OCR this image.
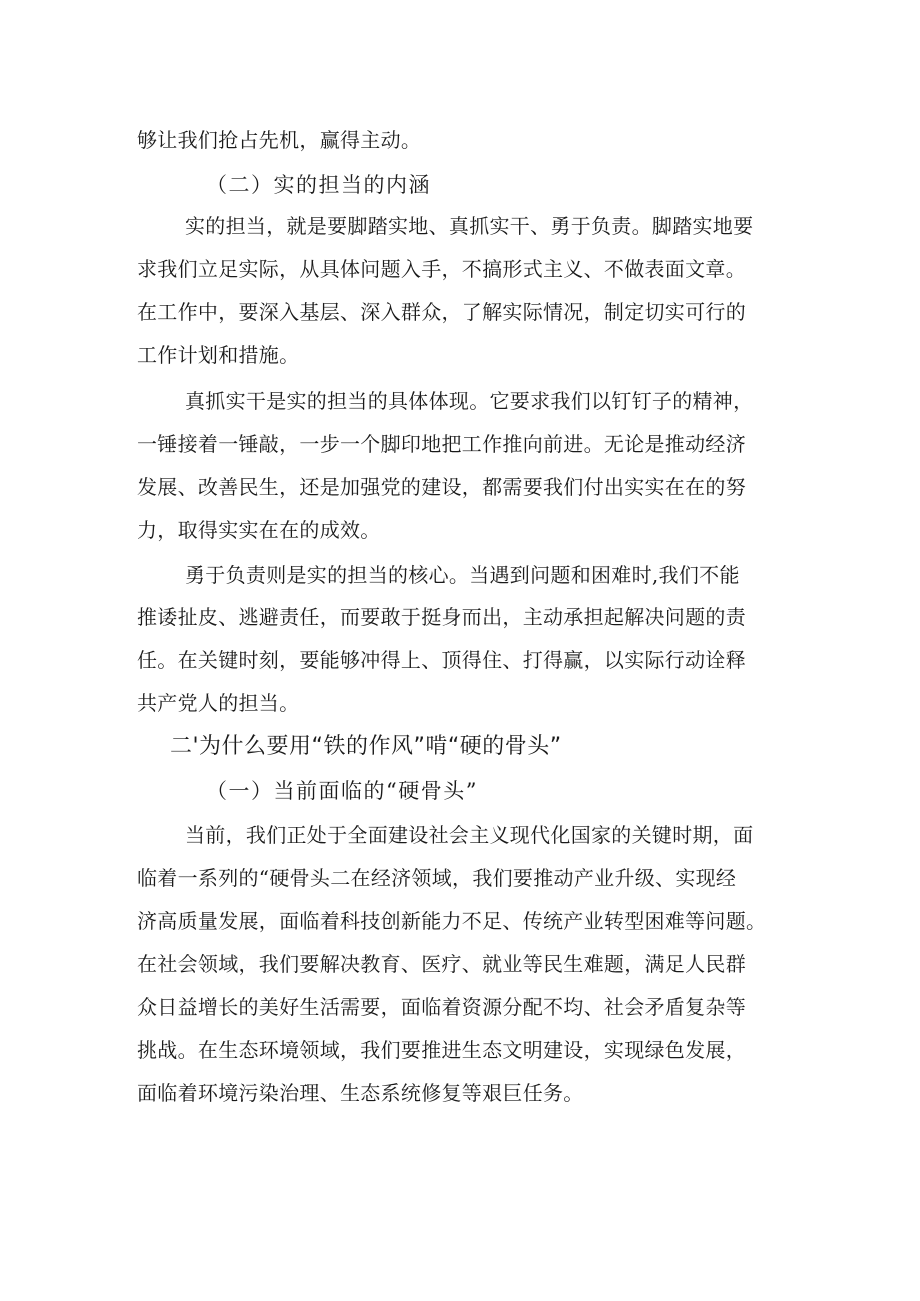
够让我们抢占先机，赢得主动。
（二）实的担当的内涵
实的担当，就是要脚踏实地、真抓实干、勇于负责。脚踏实地要
求我们立足实际，从具体问题入手，不搞形式主义、不做表面文章。
在工作中，要深入基层、深入群众，了解实际情况，制定切实可行的
工作计划和措施。
真抓实干是实的担当的具体体现。它要求我们以钉钉子的精神，
一锤接着一锤敲，一步一个脚印地把工作推向前进。无论是推动经济
发展、改善民生，还是加强党的建设，都需要我们付出实实在在的努
力，取得实实在在的成效。
勇于负责则是实的担当的核心。当遇到问题和困难时,我们不能
推诿扯皮、逃避责任，而要敢于挺身而出，主动承担起解决问题的责
任。在关键时刻，要能够冲得上、顶得住、打得赢，以实际行动诠释
共产党人的担当。
二'为什么要用“铁的作风”啃“硬的骨头”
（一）当前面临的“硬骨头”
当前，我们正处于全面建设社会主义现代化国家的关键时期，面
临着一系列的“硬骨头二在经济领域，我们要推动产业升级、实现经
济高质量发展，面临着科技创新能力不足、传统产业转型困难等问题。
在社会领域，我们要解决教育、医疗、就业等民生难题，满足人民群
众日益增长的美好生活需要，面临着资源分配不均、社会矛盾复杂等
挑战。在生态环境领域，我们要推进生态文明建设，实现绿色发展，
面临着环境污染治理、生态系统修复等艰巨任务。
